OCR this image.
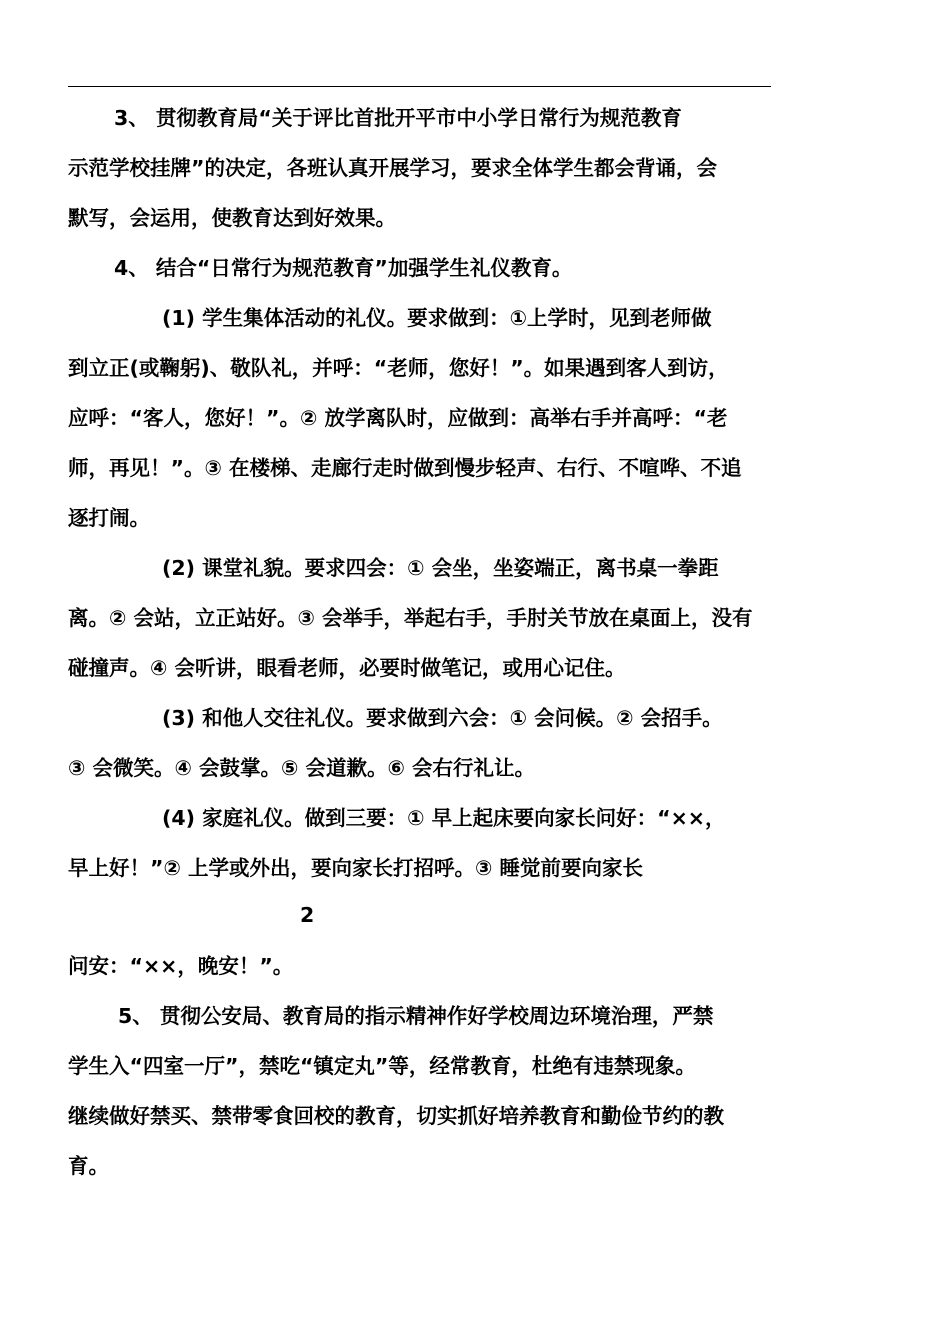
3、 贯彻教育局“关于评比首批开平市中小学日常行为规范教育
示范学校挂牌”的决定，各班认真开展学习，要求全体学生都会背诵，会
默写，会运用，使教育达到好效果。
4、 结合“日常行为规范教育”加强学生礼仪教育。
(1) 学生集体活动的礼仪。要求做到：①上学时，见到老师做
到立正(或鞠躬)、敬队礼，并呼：“老师，您好！”。如果遇到客人到访，
应呼：“客人，您好！”。② 放学离队时，应做到：高举右手并高呼：“老
师，再见！”。③ 在楼梯、走廊行走时做到慢步轻声、右行、不喧哗、不追
逐打闹。
(2) 课堂礼貌。要求四会：① 会坐，坐姿端正，离书桌一拳距
离。② 会站，立正站好。③ 会举手，举起右手，手肘关节放在桌面上，没有
碰撞声。④ 会听讲，眼看老师，必要时做笔记，或用心记住。
(3) 和他人交往礼仪。要求做到六会：① 会问候。② 会招手。
③ 会微笑。④ 会鼓掌。⑤ 会道歉。⑥ 会右行礼让。
(4) 家庭礼仪。做到三要：① 早上起床要向家长问好：“××，
早上好！”② 上学或外出，要向家长打招呼。③ 睡觉前要向家长
2
问安：“××，晚安！”。
5、 贯彻公安局、教育局的指示精神作好学校周边环境治理，严禁
学生入“四室一厅”，禁吃“镇定丸”等，经常教育，杜绝有违禁现象。
继续做好禁买、禁带零食回校的教育，切实抓好培养教育和勤俭节约的教
育。
